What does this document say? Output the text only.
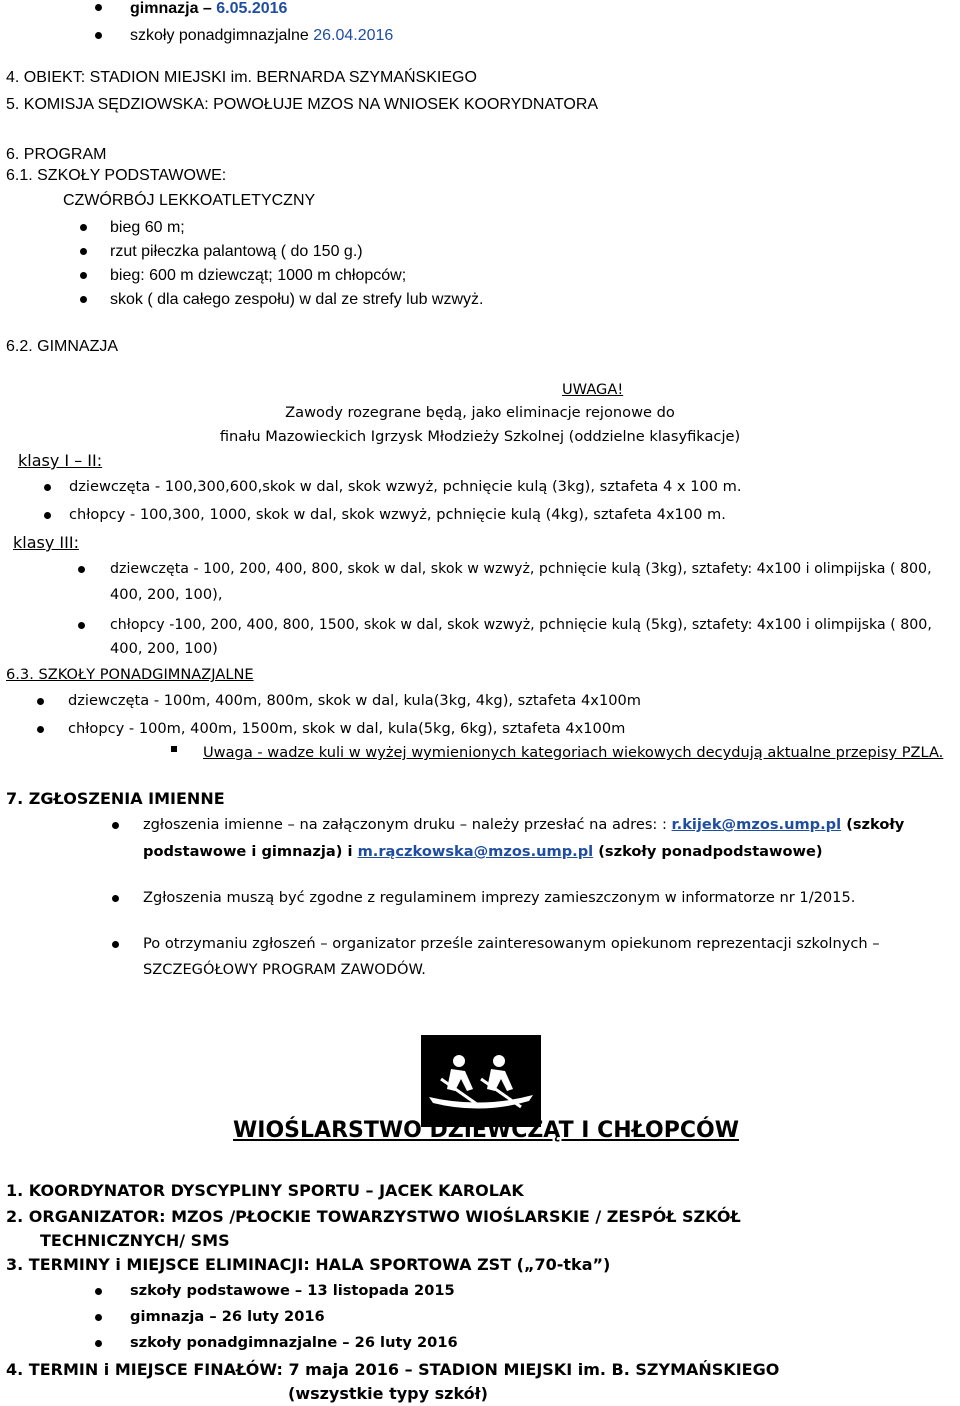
gimnazja – 6.05.2016
szkoły ponadgimnazjalne 26.04.2016
4. OBIEKT: STADION MIEJSKI im. BERNARDA SZYMAŃSKIEGO
5. KOMISJA SĘDZIOWSKA: POWOŁUJE MZOS NA WNIOSEK KOORYDNATORA
6. PROGRAM
6.1. SZKOŁY PODSTAWOWE:
CZWÓRBÓJ LEKKOATLETYCZNY
bieg 60 m;
rzut piłeczka palantową ( do 150 g.)
bieg: 600 m dziewcząt; 1000 m chłopców;
skok ( dla całego zespołu) w dal ze strefy lub wzwyż.
6.2. GIMNAZJA
UWAGA!
Zawody rozegrane będą, jako eliminacje rejonowe do
finału Mazowieckich Igrzysk Młodzieży Szkolnej (oddzielne klasyfikacje)
klasy I – II:
dziewczęta - 100,300,600,skok w dal, skok wzwyż, pchnięcie kulą (3kg), sztafeta 4 x 100 m.
chłopcy - 100,300, 1000, skok w dal, skok wzwyż, pchnięcie kulą (4kg), sztafeta 4x100 m.
klasy III:
dziewczęta - 100, 200, 400, 800, skok w dal, skok w wzwyż, pchnięcie kulą (3kg), sztafety: 4x100 i olimpijska ( 800,
400, 200, 100),
chłopcy -100, 200, 400, 800, 1500, skok w dal, skok wzwyż, pchnięcie kulą (5kg), sztafety: 4x100 i olimpijska ( 800,
400, 200, 100)
6.3. SZKOŁY PONADGIMNAZJALNE
dziewczęta - 100m, 400m, 800m, skok w dal, kula(3kg, 4kg), sztafeta 4x100m
chłopcy - 100m, 400m, 1500m, skok w dal, kula(5kg, 6kg), sztafeta 4x100m
Uwaga - wadze kuli w wyżej wymienionych kategoriach wiekowych decydują aktualne przepisy PZLA.
7. ZGŁOSZENIA IMIENNE
zgłoszenia imienne – na załączonym druku – należy przesłać na adres: : r.kijek@mzos.ump.pl (szkoły
podstawowe i gimnazja) i m.rączkowska@mzos.ump.pl (szkoły ponadpodstawowe)
Zgłoszenia muszą być zgodne z regulaminem imprezy zamieszczonym w informatorze nr 1/2015.
Po otrzymaniu zgłoszeń – organizator prześle zainteresowanym opiekunom reprezentacji szkolnych –
SZCZEGÓŁOWY PROGRAM ZAWODÓW.
WIOŚLARSTWO DZIEWCZĄT I CHŁOPCÓW
1. KOORDYNATOR DYSCYPLINY SPORTU – JACEK KAROLAK
2. ORGANIZATOR: MZOS /PŁOCKIE TOWARZYSTWO WIOŚLARSKIE / ZESPÓŁ SZKÓŁ
TECHNICZNYCH/ SMS
3. TERMINY i MIEJSCE ELIMINACJI: HALA SPORTOWA ZST („70-tka”)
szkoły podstawowe – 13 listopada 2015
gimnazja – 26 luty 2016
szkoły ponadgimnazjalne – 26 luty 2016
4. TERMIN i MIEJSCE FINAŁÓW: 7 maja 2016 – STADION MIEJSKI im. B. SZYMAŃSKIEGO
(wszystkie typy szkół)
